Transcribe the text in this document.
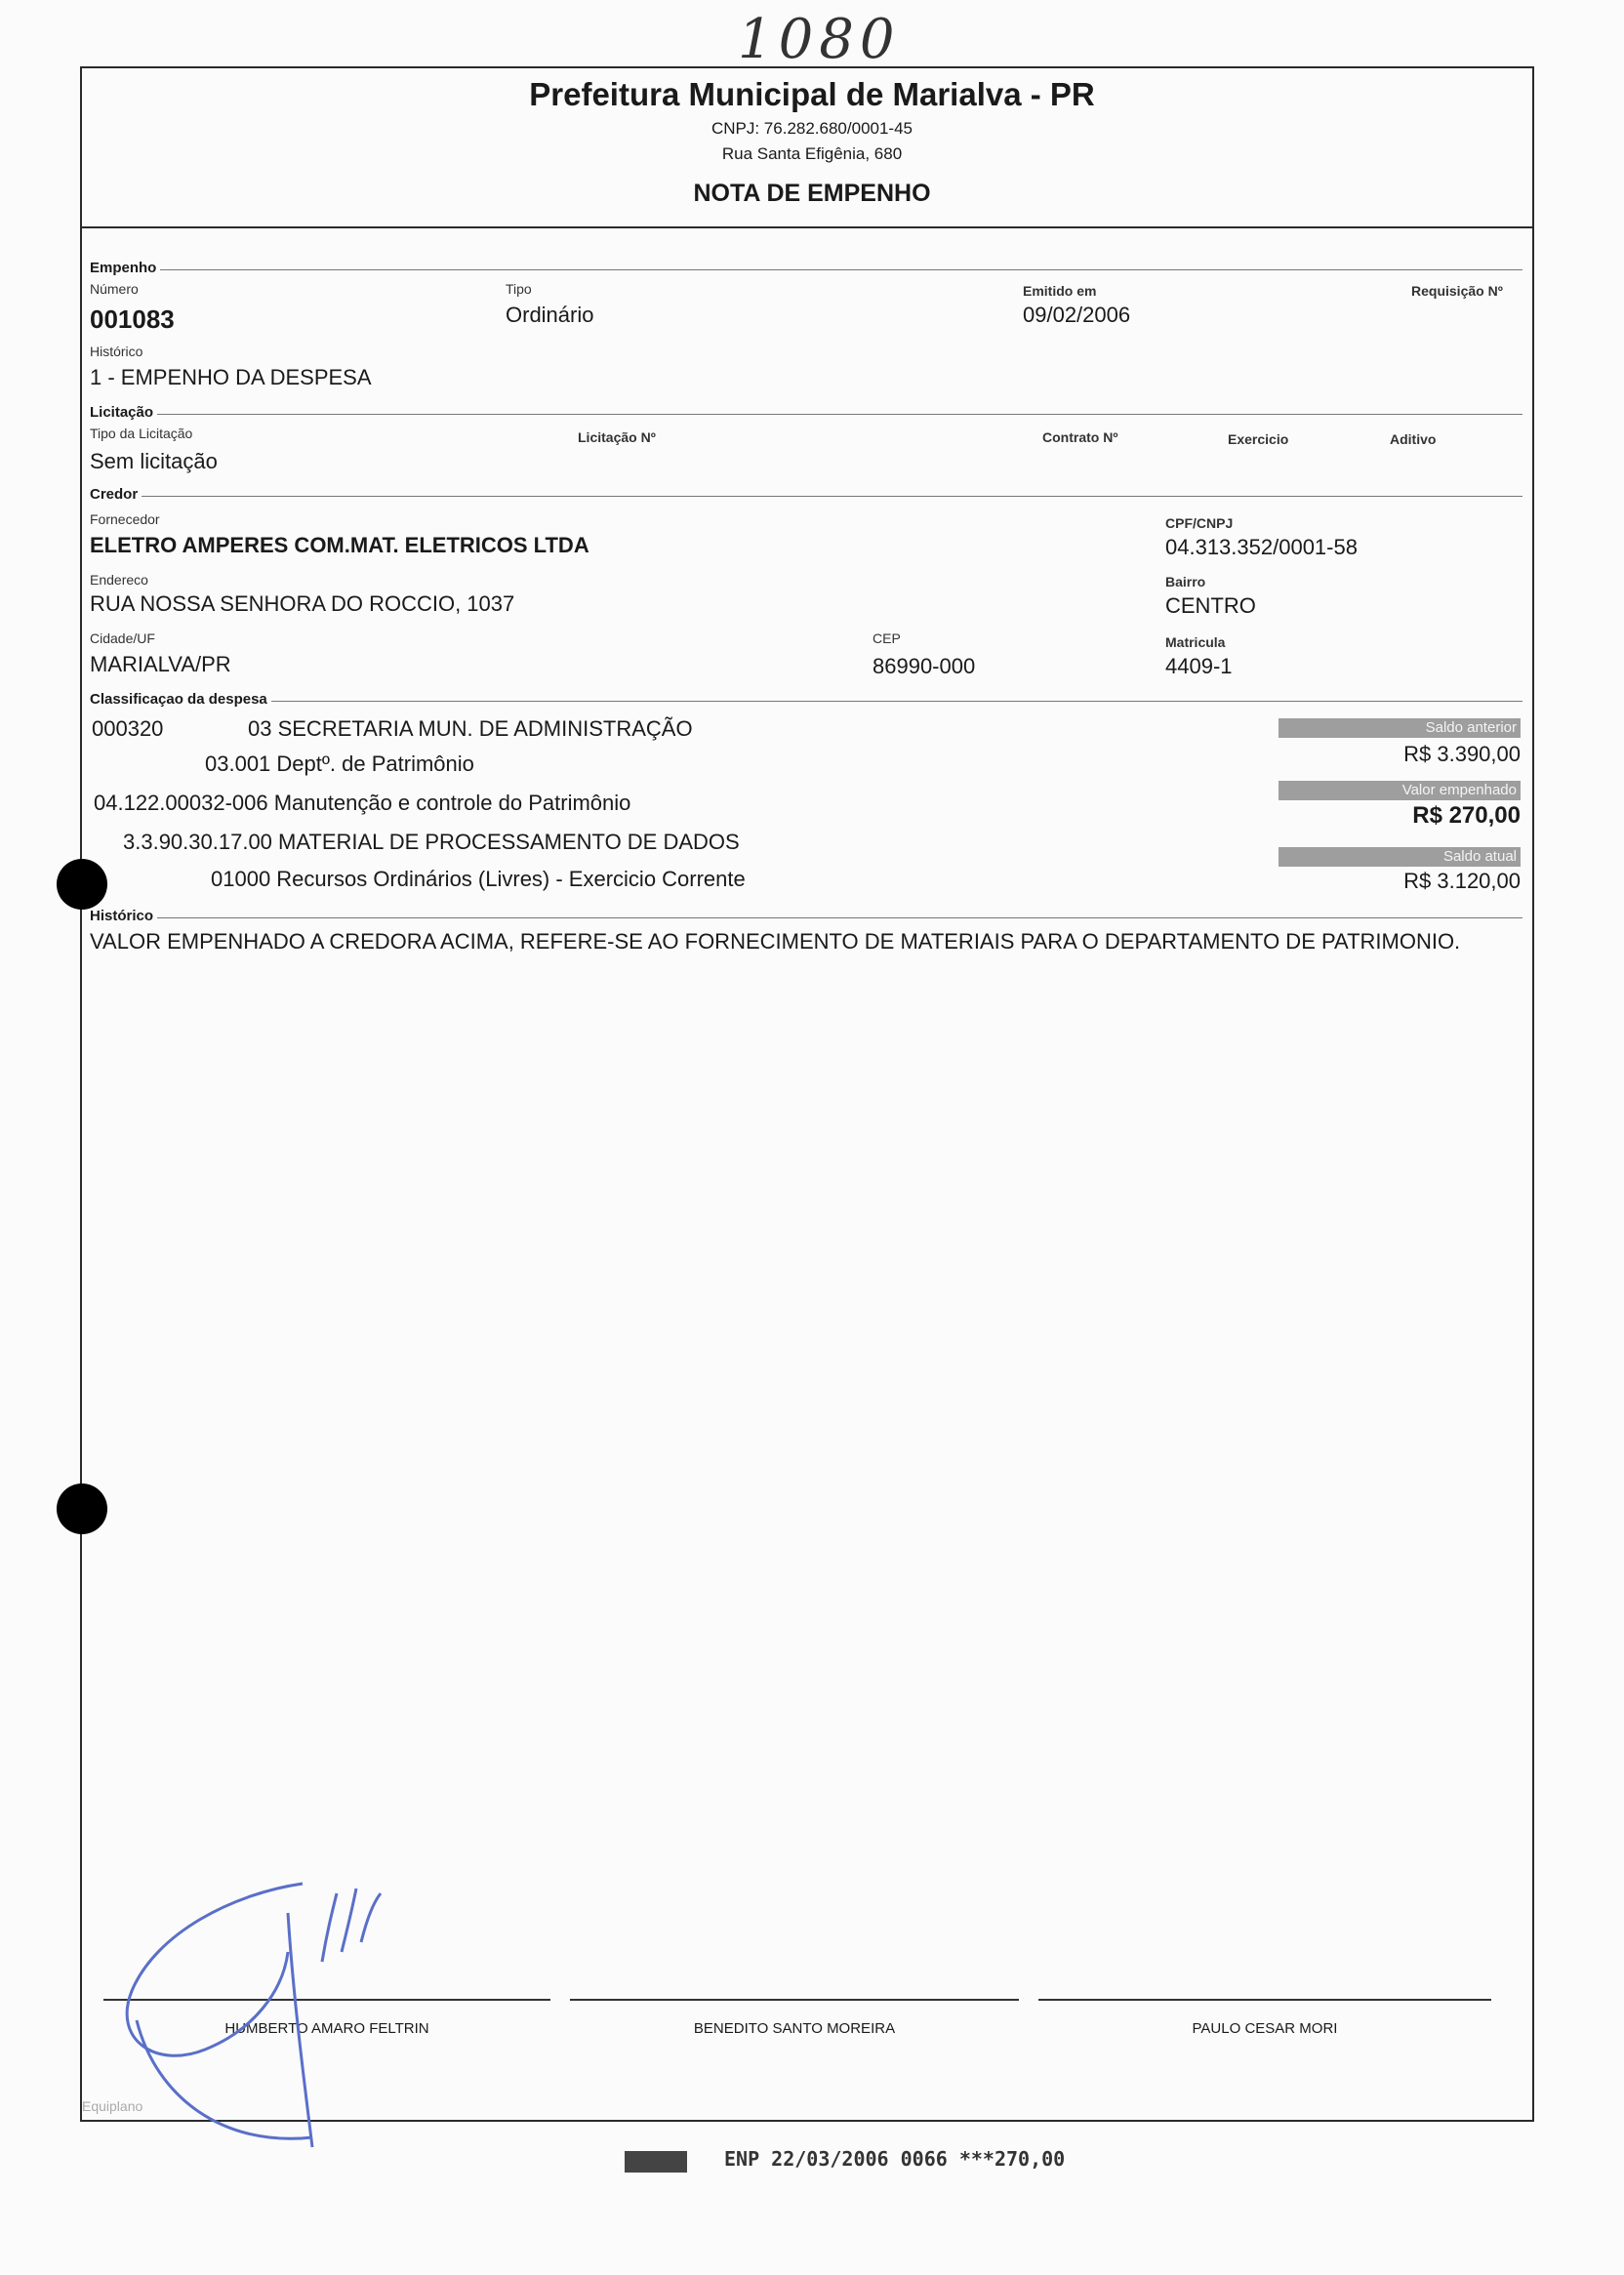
1080
Prefeitura Municipal de Marialva - PR
CNPJ: 76.282.680/0001-45
Rua Santa Efigênia, 680
NOTA DE EMPENHO
Empenho
Número
001083
Tipo
Ordinário
Emitido em
09/02/2006
Requisição Nº
Histórico
1 - EMPENHO DA DESPESA
Licitação
Tipo da Licitação
Sem licitação
Licitação Nº	Contrato Nº	Exercicio	Aditivo
Credor
Fornecedor
ELETRO AMPERES COM.MAT. ELETRICOS LTDA
CPF/CNPJ
04.313.352/0001-58
Endereco
RUA NOSSA SENHORA DO ROCCIO, 1037
Bairro
CENTRO
Cidade/UF
MARIALVA/PR
CEP
86990-000
Matricula
4409-1
Classificaçao da despesa
000320	03 SECRETARIA MUN. DE ADMINISTRAÇÃO
03.001 Deptº. de Patrimônio
04.122.00032-006 Manutenção e controle do Patrimônio
3.3.90.30.17.00 MATERIAL DE PROCESSAMENTO DE DADOS
01000 Recursos Ordinários (Livres) - Exercicio Corrente
Saldo anterior
R$ 3.390,00
Valor empenhado
R$ 270,00
Saldo atual
R$ 3.120,00
Histórico
VALOR EMPENHADO A CREDORA ACIMA, REFERE-SE AO FORNECIMENTO DE MATERIAIS PARA O DEPARTAMENTO DE PATRIMONIO.
HUMBERTO AMARO FELTRIN	BENEDITO SANTO MOREIRA	PAULO CESAR MORI
Equiplano
ENP 22/03/2006 0066 ***270,00
